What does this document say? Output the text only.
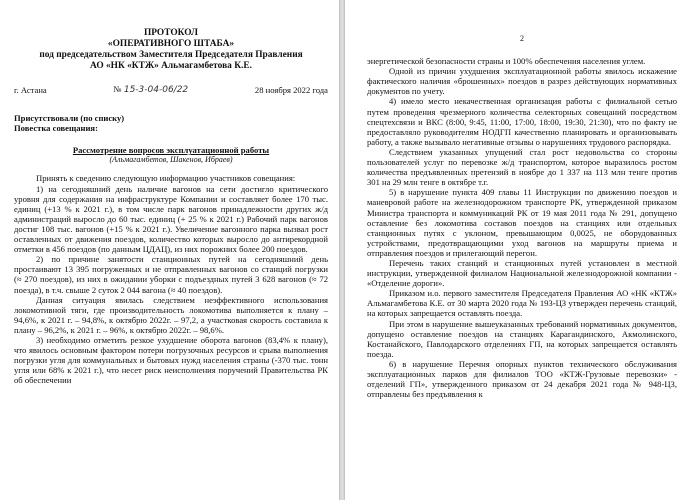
ПРОТОКОЛ
«ОПЕРАТИВНОГО ШТАБА»
под председательством Заместителя Председателя Правления
АО «НК «КТЖ» Альмагамбетова К.Е.
г. Астана	№ 15-3-04-06/22	28 ноября 2022 года

Присутствовали (по списку)

Повестка совещания:

Рассмотрение вопросов эксплуатационной работы

(Альмагамбетов, Шакенов, Ибраев)

Принять к сведению следующую информацию участников совещания:

1) на сегодняшний день наличие вагонов на сети достигло критического уровня для содержания на инфраструктуре Компании и составляет более 170 тыс. единиц (+13 % к 2021 г.), в том числе парк вагонов принадлежности других ж/д администраций выросло до 60 тыс. единиц (+ 25 % к 2021 г.) Рабочий парк вагонов достиг 108 тыс. вагонов (+15 % к 2021 г.). Увеличение вагонного парка вызвал рост оставленных от движения поездов, количество которых выросло до антирекордной отметки в 456 поездов (по данным ЦДАЦ), из них порожних более 200 поездов.

2) по причине занятости станционных путей на сегодняшний день простаивают 13 395 погруженных и не отправленных вагонов со станций погрузки (≈ 270 поездов), из них в ожидании уборки с подъездных путей 3 628 вагонов (≈ 72 поезда), в т.ч. свыше 2 суток 2 044 вагона (≈ 40 поездов).

Данная ситуация явилась следствием неэффективного использования локомотивной тяги, где производительность локомотива выполняется к плану – 94,6%, к 2021 г. – 94,8%, к октябрю 2022г. – 97,2, а участковая скорость составила к плану – 96,2%, к 2021 г. – 96%, к октябрю 2022г. – 98,6%.

3) необходимо отметить резкое ухудшение оборота вагонов (83,4% к плану), что явилось основным фактором потери погрузочных ресурсов и срыва выполнения погрузки угля для коммунальных и бытовых нужд населения страны (-370 тыс. тонн угля или 68% к 2021 г.), что несет риск неисполнения поручений Правительства РК об обеспечении

2

энергетической безопасности страны и 100% обеспечения населения углем.

Одной из причин ухудшения эксплуатационной работы явилось искажение фактического наличия «брошенных» поездов в разрез действующих нормативных документов по учету.

4) имело место некачественная организация работы с филиальной сетью путем проведения чрезмерного количества селекторных совещаний посредством спецтехсвязи и ВКС (8:00, 9:45, 11:00, 17:00, 18:00, 19:30, 21:30), что по факту не предоставляло руководителям НОДГП качественно планировать и организовывать работу, а также вызывало негативные отзывы о нарушениях трудового распорядка.

Следствием указанных упущений стал рост недовольства со стороны пользователей услуг по перевозке ж/д транспортом, которое выразилось ростом количества предъявленных претензий в ноябре до 1 337 на 113 млн тенге против 301 на 29 млн тенге в октябре т.г.

5) в нарушение пункта 409 главы 11 Инструкции по движению поездов и маневровой работе на железнодорожном транспорте РК, утвержденной приказом Министра транспорта и коммуникаций РК от 19 мая 2011 года № 291, допущено оставление без локомотива составов поездов на станциях или отдельных станционных путях с уклоном, превышающим 0,0025, не оборудованных устройствами, предотвращающими уход вагонов на маршруты приема и отправления поездов и прилегающий перегон.

Перечень таких станций и станционных путей установлен в местной инструкции, утвержденной филиалом Национальной железнодорожной компании - «Отделение дороги».

Приказом и.о. первого заместителя Председателя Правления АО «НК «КТЖ» Альмагамбетова К.Е. от 30 марта 2020 года № 193-ЦЗ утвержден перечень станций, на которых запрещается оставлять поезда.

При этом в нарушение вышеуказанных требований нормативных документов, допущено оставление поездов на станциях Карагандинского, Акмолинского, Костанайского, Павлодарского отделениях ГП, на которых запрещается оставлять поезда.

6) в нарушение Перечня опорных пунктов технического обслуживания эксплуатационных парков для филиалов ТОО «КТЖ-Грузовые перевозки» - отделений ГП», утвержденного приказом от 24 декабря 2021 года № 948-ЦЗ, отправлены без предъявления к
